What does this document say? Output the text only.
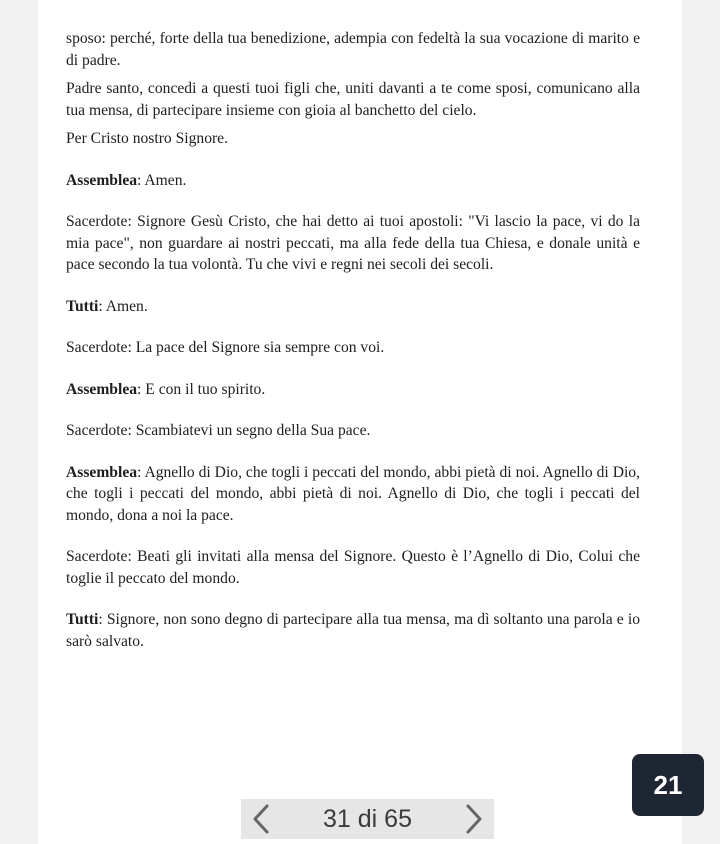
sposo: perché, forte della tua benedizione, adempia con fedeltà la sua vocazione di marito e di padre.

Padre santo, concedi a questi tuoi figli che, uniti davanti a te come sposi, comunicano alla tua mensa, di partecipare insieme con gioia al banchetto del cielo.

Per Cristo nostro Signore.

Assemblea: Amen.

Sacerdote: Signore Gesù Cristo, che hai detto ai tuoi apostoli: "Vi lascio la pace, vi do la mia pace", non guardare ai nostri peccati, ma alla fede della tua Chiesa, e donale unità e pace secondo la tua volontà. Tu che vivi e regni nei secoli dei secoli.

Tutti: Amen.

Sacerdote: La pace del Signore sia sempre con voi.

Assemblea: E con il tuo spirito.

Sacerdote: Scambiatevi un segno della Sua pace.

Assemblea: Agnello di Dio, che togli i peccati del mondo, abbi pietà di noi. Agnello di Dio, che togli i peccati del mondo, abbi pietà di noi. Agnello di Dio, che togli i peccati del mondo, dona a noi la pace.

Sacerdote: Beati gli invitati alla mensa del Signore. Questo è l’Agnello di Dio, Colui che toglie il peccato del mondo.

Tutti: Signore, non sono degno di partecipare alla tua mensa, ma dì soltanto una parola e io sarò salvato.

21
31 di 65
